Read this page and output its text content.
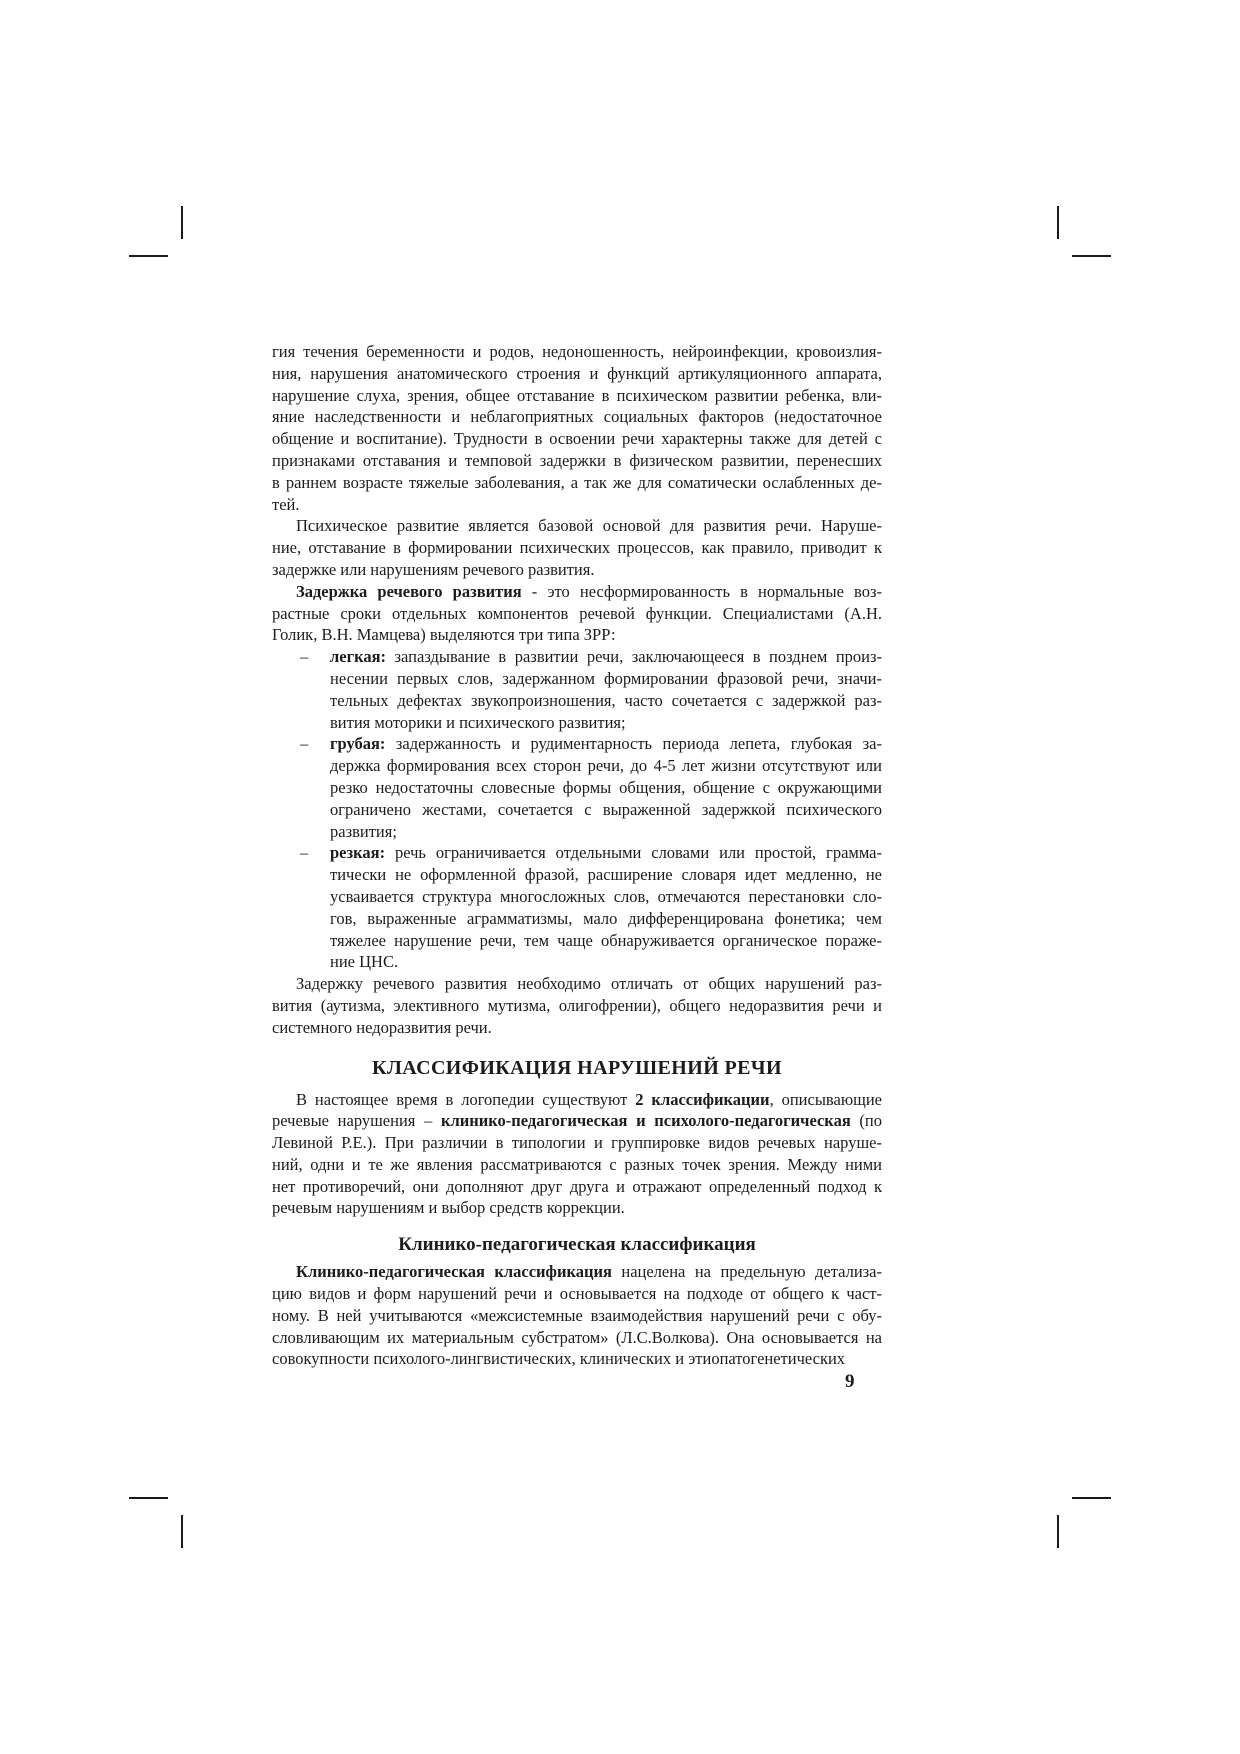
гия течения беременности и родов, недоношенность, нейроинфекции, кровоизлия-
ния, нарушения анатомического строения и функций артикуляционного аппарата,
нарушение слуха, зрения, общее отставание в психическом развитии ребенка, вли-
яние наследственности и неблагоприятных социальных факторов (недостаточное
общение и воспитание). Трудности в освоении речи характерны также для детей с
признаками отставания и темповой задержки в физическом развитии, перенесших
в раннем возрасте тяжелые заболевания, а так же для соматически ослабленных де-
тей.
Психическое развитие является базовой основой для развития речи. Наруше-
ние, отставание в формировании психических процессов, как правило, приводит к
задержке или нарушениям речевого развития.
Задержка речевого развития - это несформированность в нормальные воз-
растные сроки отдельных компонентов речевой функции. Специалистами (А.Н.
Голик, В.Н. Мамцева) выделяются три типа ЗРР:
– легкая: запаздывание в развитии речи, заключающееся в позднем произ-
несении первых слов, задержанном формировании фразовой речи, значи-
тельных дефектах звукопроизношения, часто сочетается с задержкой раз-
вития моторики и психического развития;
– грубая: задержанность и рудиментарность периода лепета, глубокая за-
держка формирования всех сторон речи, до 4-5 лет жизни отсутствуют или
резко недостаточны словесные формы общения, общение с окружающими
ограничено жестами, сочетается с выраженной задержкой психического
развития;
– резкая: речь ограничивается отдельными словами или простой, грамма-
тически не оформленной фразой, расширение словаря идет медленно, не
усваивается структура многосложных слов, отмечаются перестановки сло-
гов, выраженные аграмматизмы, мало дифференцирована фонетика; чем
тяжелее нарушение речи, тем чаще обнаруживается органическое пораже-
ние ЦНС.
Задержку речевого развития необходимо отличать от общих нарушений раз-
вития (аутизма, элективного мутизма, олигофрении), общего недоразвития речи и
системного недоразвития речи.
КЛАССИФИКАЦИЯ НАРУШЕНИЙ РЕЧИ
В настоящее время в логопедии существуют 2 классификации, описывающие
речевые нарушения – клинико-педагогическая и психолого-педагогическая (по
Левиной Р.Е.). При различии в типологии и группировке видов речевых наруше-
ний, одни и те же явления рассматриваются с разных точек зрения. Между ними
нет противоречий, они дополняют друг друга и отражают определенный подход к
речевым нарушениям и выбор средств коррекции.
Клинико-педагогическая классификация
Клинико-педагогическая классификация нацелена на предельную детализа-
цию видов и форм нарушений речи и основывается на подходе от общего к част-
ному. В ней учитываются «межсистемные взаимодействия нарушений речи с обу-
словливающим их материальным субстратом» (Л.С.Волкова). Она основывается на
совокупности психолого-лингвистических, клинических и этиопатогенетических
9
